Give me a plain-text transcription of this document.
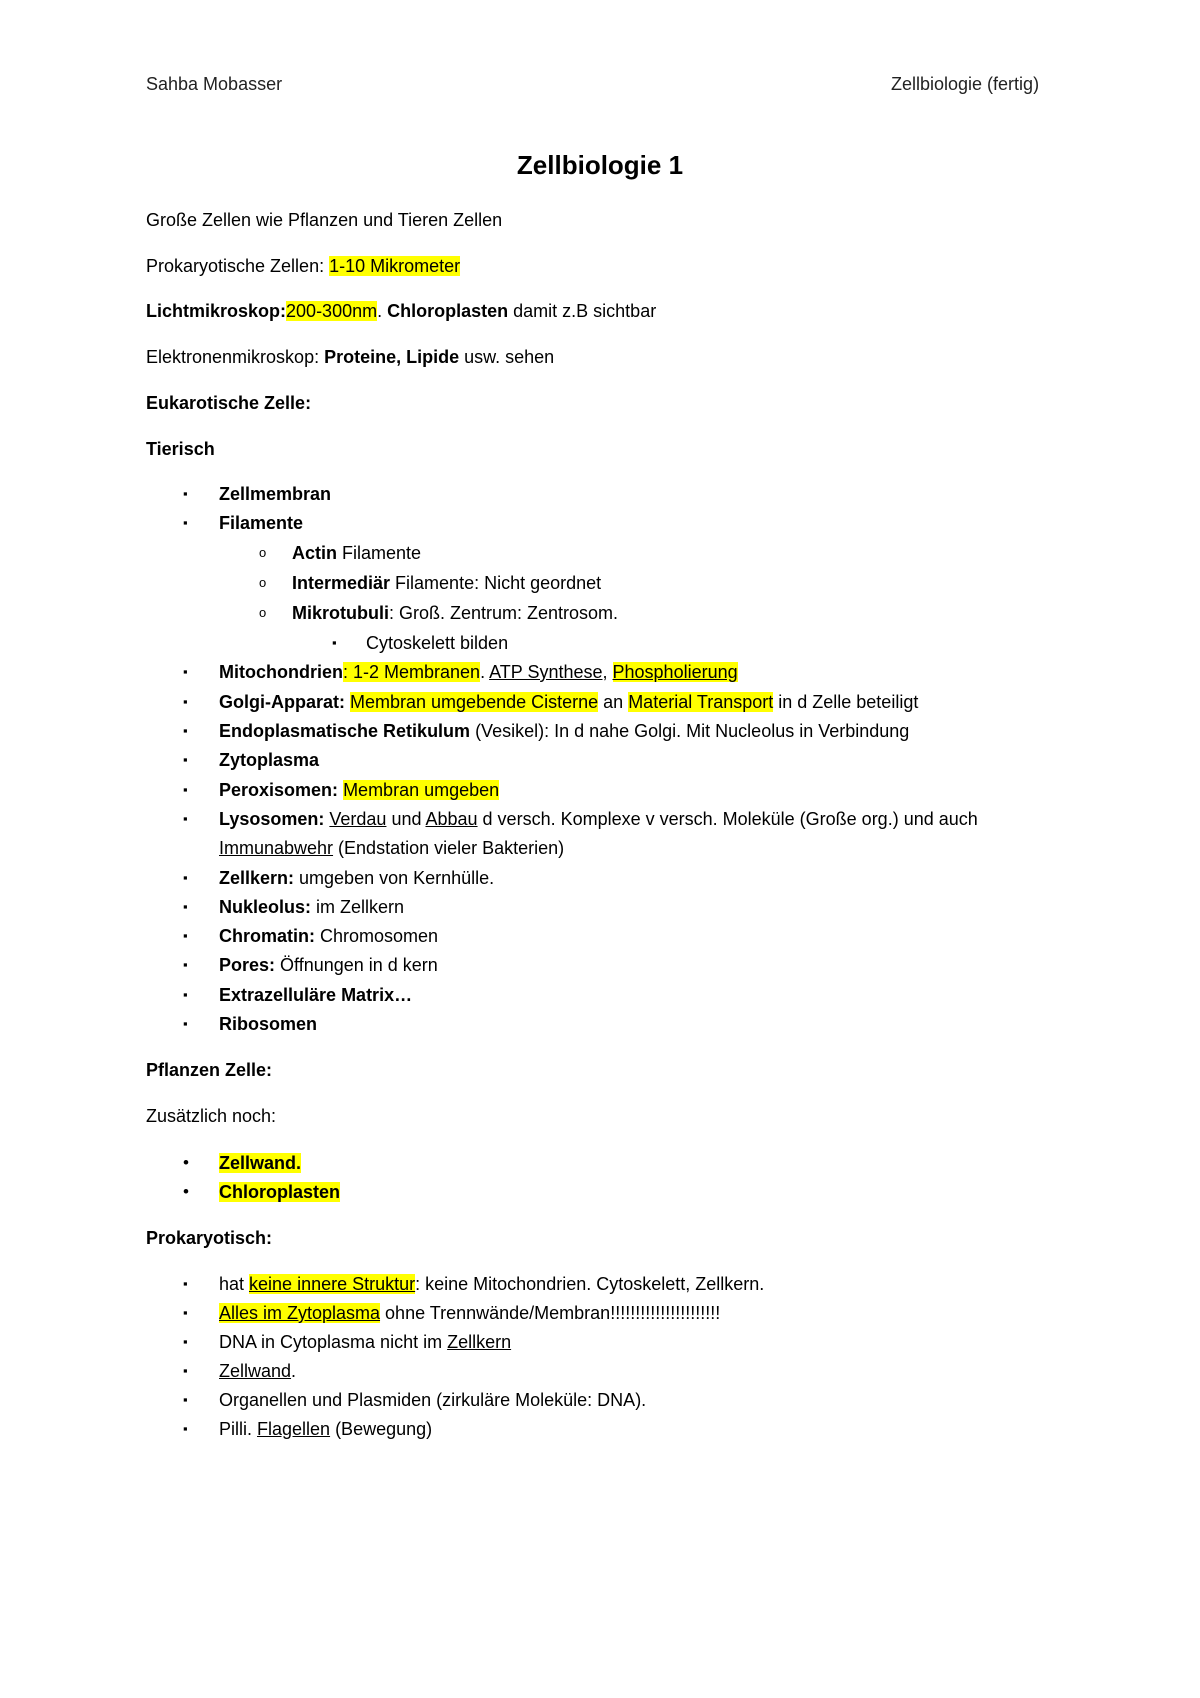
Sahba Mobasser	Zellbiologie (fertig)
Zellbiologie 1
Große Zellen wie Pflanzen und Tieren Zellen
Prokaryotische Zellen: 1-10 Mikrometer
Lichtmikroskop:200-300nm. Chloroplasten damit z.B sichtbar
Elektronenmikroskop: Proteine, Lipide usw. sehen
Eukarotische Zelle:
Tierisch
▪ Zellmembran
▪ Filamente
o Actin Filamente
o Intermediär Filamente: Nicht geordnet
o Mikrotubuli: Groß. Zentrum: Zentrosom.
▪ Cytoskelett bilden
▪ Mitochondrien: 1-2 Membranen. ATP Synthese, Phospholierung
▪ Golgi-Apparat: Membran umgebende Cisterne an Material Transport in d Zelle beteiligt
▪ Endoplasmatische Retikulum (Vesikel): In d nahe Golgi. Mit Nucleolus in Verbindung
▪ Zytoplasma
▪ Peroxisomen: Membran umgeben
▪ Lysosomen: Verdau und Abbau d versch. Komplexe v versch. Moleküle (Große org.) und auch
Immunabwehr (Endstation vieler Bakterien)
▪ Zellkern: umgeben von Kernhülle.
▪ Nukleolus: im Zellkern
▪ Chromatin: Chromosomen
▪ Pores: Öffnungen in d kern
▪ Extrazelluläre Matrix…
▪ Ribosomen
Pflanzen Zelle:
Zusätzlich noch:
• Zellwand.
• Chloroplasten
Prokaryotisch:
▪ hat keine innere Struktur: keine Mitochondrien. Cytoskelett, Zellkern.
▪ Alles im Zytoplasma ohne Trennwände/Membran!!!!!!!!!!!!!!!!!!!!!!
▪ DNA in Cytoplasma nicht im Zellkern
▪ Zellwand.
▪ Organellen und Plasmiden (zirkuläre Moleküle: DNA).
▪ Pilli. Flagellen (Bewegung)
